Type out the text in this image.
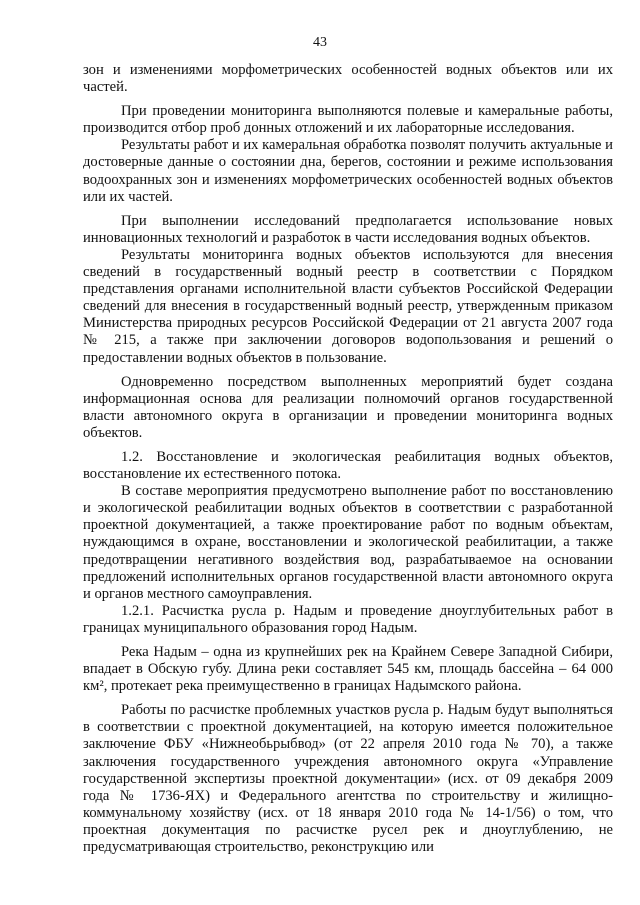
43

зон и изменениями морфометрических особенностей водных объектов или их частей.

При проведении мониторинга выполняются полевые и камеральные работы, производится отбор проб донных отложений и их лабораторные исследования.

Результаты работ и их камеральная обработка позволят получить актуальные и достоверные данные о состоянии дна, берегов, состоянии и режиме использования водоохранных зон и изменениях морфометрических особенностей водных объектов или их частей.

При выполнении исследований предполагается использование новых инновационных технологий и разработок в части исследования водных объектов.

Результаты мониторинга водных объектов используются для внесения сведений в государственный водный реестр в соответствии с Порядком представления органами исполнительной власти субъектов Российской Федерации сведений для внесения в государственный водный реестр, утвержденным приказом Министерства природных ресурсов Российской Федерации от 21 августа 2007 года № 215, а также при заключении договоров водопользования и решений о предоставлении водных объектов в пользование.

Одновременно посредством выполненных мероприятий будет создана информационная основа для реализации полномочий органов государственной власти автономного округа в организации и проведении мониторинга водных объектов.

1.2. Восстановление и экологическая реабилитация водных объектов, восстановление их естественного потока.

В составе мероприятия предусмотрено выполнение работ по восстановлению и экологической реабилитации водных объектов в соответствии с разработанной проектной документацией, а также проектирование работ по водным объектам, нуждающимся в охране, восстановлении и экологической реабилитации, а также предотвращении негативного воздействия вод, разрабатываемое на основании предложений исполнительных органов государственной власти автономного округа и органов местного самоуправления.

1.2.1. Расчистка русла р. Надым и проведение дноуглубительных работ в границах муниципального образования город Надым.

Река Надым – одна из крупнейших рек на Крайнем Севере Западной Сибири, впадает в Обскую губу. Длина реки составляет 545 км, площадь бассейна – 64 000 км², протекает река преимущественно в границах Надымского района.

Работы по расчистке проблемных участков русла р. Надым будут выполняться в соответствии с проектной документацией, на которую имеется положительное заключение ФБУ «Нижнеобьрыбвод» (от 22 апреля 2010 года № 70), а также заключения государственного учреждения автономного округа «Управление государственной экспертизы проектной документации» (исх. от 09 декабря 2009 года № 1736-ЯХ) и Федерального агентства по строительству и жилищно-коммунальному хозяйству (исх. от 18 января 2010 года № 14-1/56) о том, что проектная документация по расчистке русел рек и дноуглублению, не предусматривающая строительство, реконструкцию или
